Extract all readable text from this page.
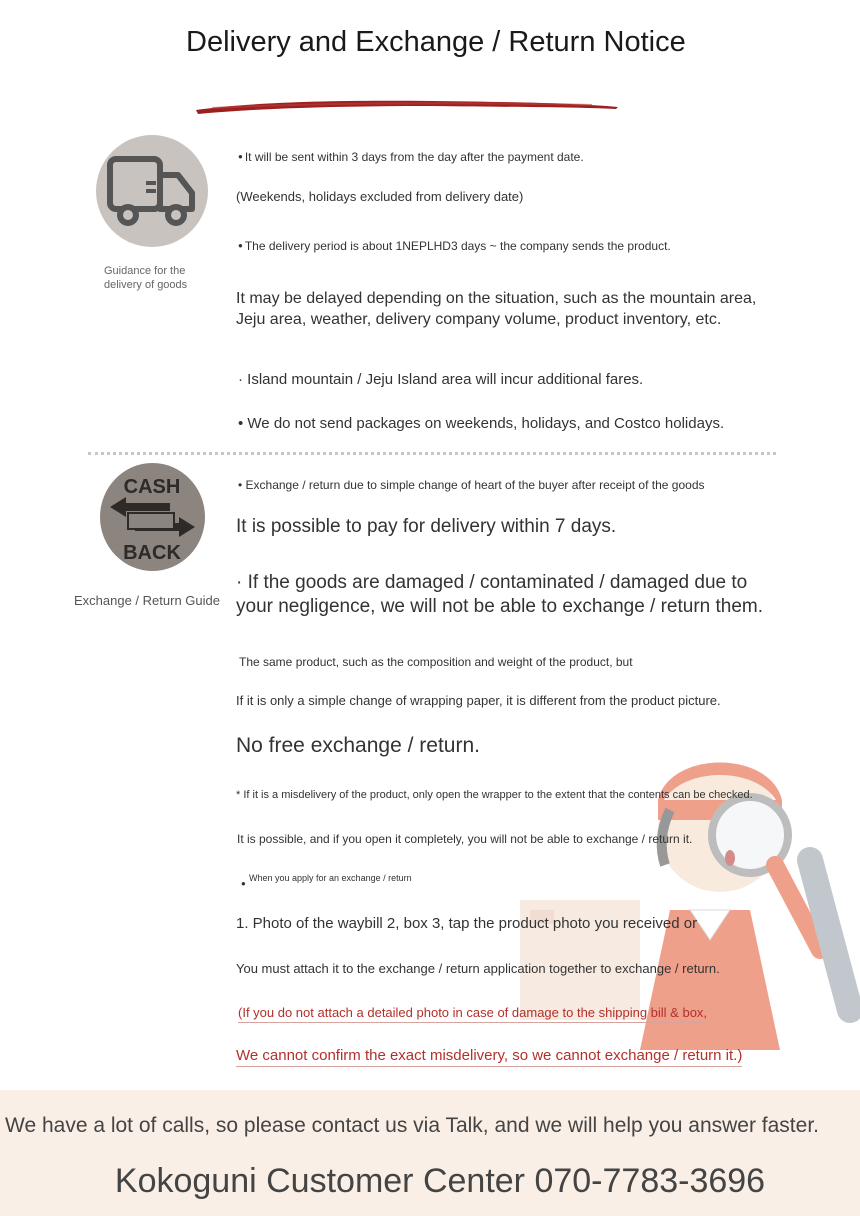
Delivery and Exchange / Return Notice
Guidance for the delivery of goods
● It will be sent within 3 days from the day after the payment date.
(Weekends, holidays excluded from delivery date)
● The delivery period is about 1NEPLHD3 days ~ the company sends the product.
It may be delayed depending on the situation, such as the mountain area,
Jeju area, weather, delivery company volume, product inventory, etc.
· Island mountain / Jeju Island area will incur additional fares.
• We do not send packages on weekends, holidays, and Costco holidays.
CASH
BACK
Exchange / Return Guide
• Exchange / return due to simple change of heart of the buyer after receipt of the goods
It is possible to pay for delivery within 7 days.
· If the goods are damaged / contaminated / damaged due to
your negligence, we will not be able to exchange / return them.
The same product, such as the composition and weight of the product, but
If it is only a simple change of wrapping paper, it is different from the product picture.
No free exchange / return.
* If it is a misdelivery of the product, only open the wrapper to the extent that the contents can be checked.
It is possible, and if you open it completely, you will not be able to exchange / return it.
●
When you apply for an exchange / return
1. Photo of the waybill 2, box 3, tap the product photo you received or
You must attach it to the exchange / return application together to exchange / return.
(If you do not attach a detailed photo in case of damage to the shipping bill & box,
We cannot confirm the exact misdelivery, so we cannot exchange / return it.)
We have a lot of calls, so please contact us via Talk, and we will help you answer faster.
Kokoguni Customer Center 070-7783-3696
